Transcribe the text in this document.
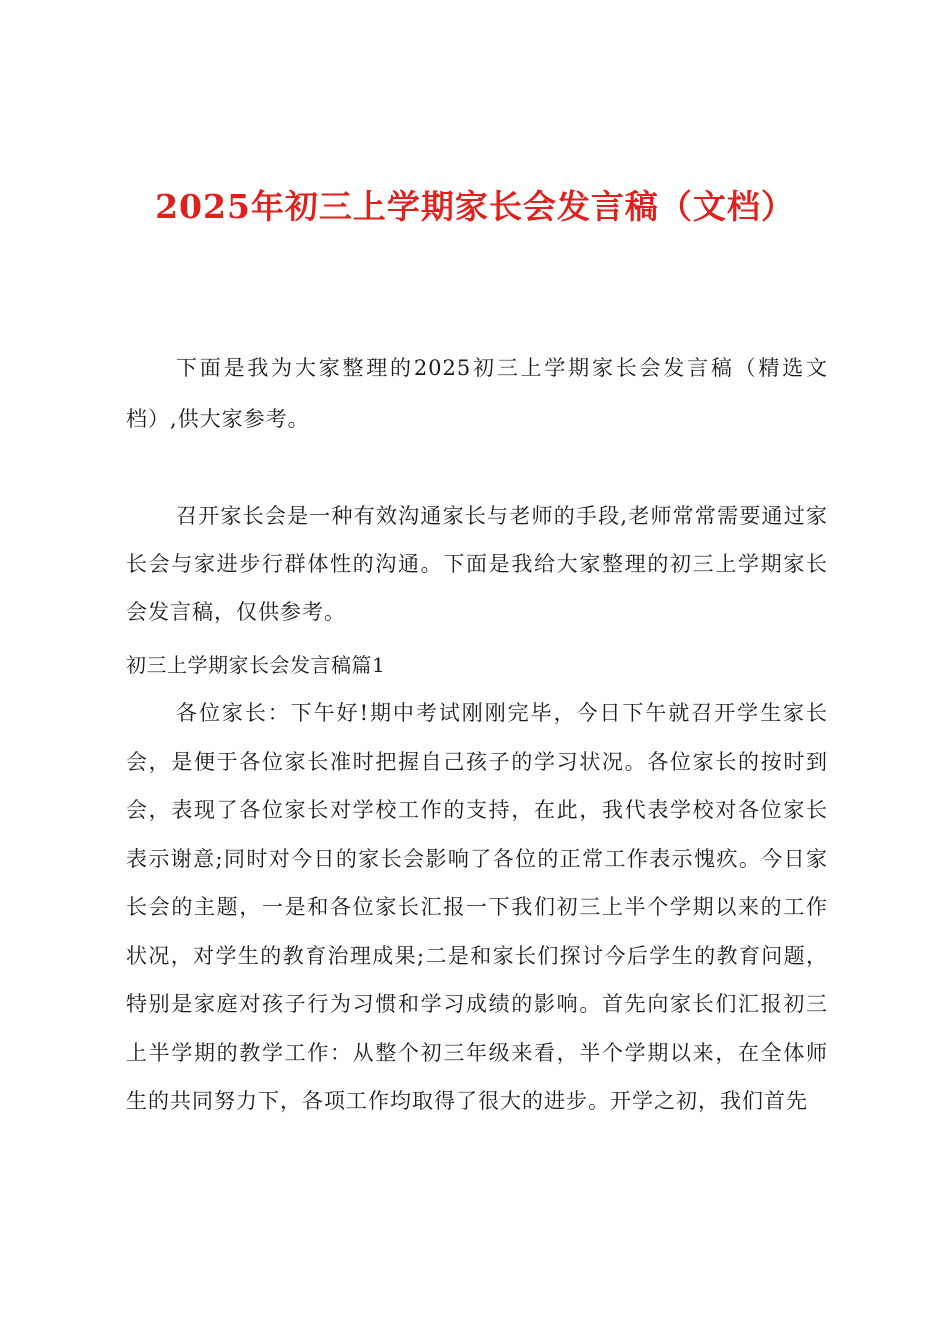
2025年初三上学期家长会发言稿（文档）

下面是我为大家整理的2025初三上学期家长会发言稿（精选文档）,供大家参考。

召开家长会是一种有效沟通家长与老师的手段,老师常常需要通过家长会与家进步行群体性的沟通。下面是我给大家整理的初三上学期家长会发言稿，仅供参考。

初三上学期家长会发言稿篇1

各位家长：下午好!期中考试刚刚完毕，今日下午就召开学生家长会，是便于各位家长准时把握自己孩子的学习状况。各位家长的按时到会，表现了各位家长对学校工作的支持，在此，我代表学校对各位家长表示谢意;同时对今日的家长会影响了各位的正常工作表示愧疚。今日家长会的主题，一是和各位家长汇报一下我们初三上半个学期以来的工作状况，对学生的教育治理成果;二是和家长们探讨今后学生的教育问题，特别是家庭对孩子行为习惯和学习成绩的影响。首先向家长们汇报初三上半学期的教学工作：从整个初三年级来看，半个学期以来，在全体师生的共同努力下，各项工作均取得了很大的进步。开学之初，我们首先
